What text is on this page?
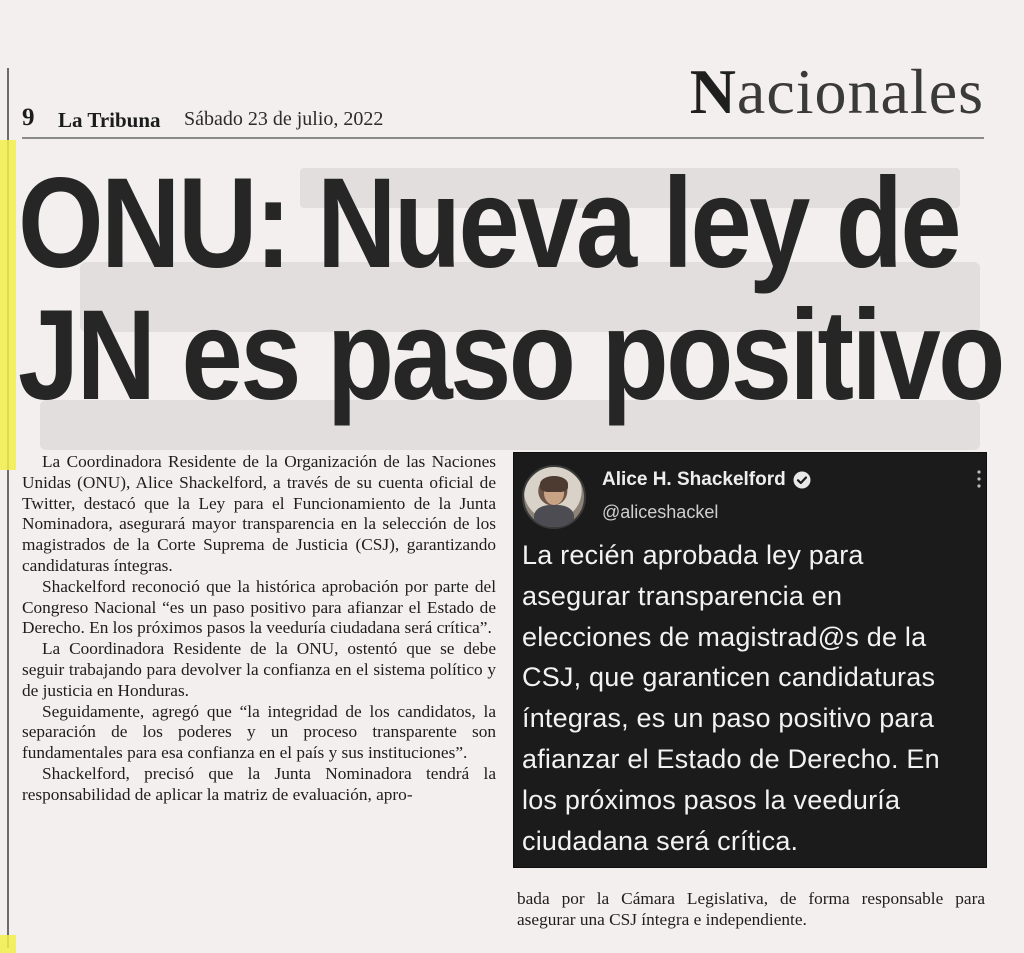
9 La Tribuna Sábado 23 de julio, 2022	Nacionales
ONU: Nueva ley de
JN es paso positivo

La Coordinadora Residente de la Organización de las Naciones Unidas (ONU), Alice Shackelford, a través de su cuenta oficial de Twitter, destacó que la Ley para el Funcionamiento de la Junta Nominadora, asegurará mayor transparencia en la selección de los magistrados de la Corte Suprema de Justicia (CSJ), garantizando candidaturas íntegras.

Shackelford reconoció que la histórica aprobación por parte del Congreso Nacional “es un paso positivo para afianzar el Estado de Derecho. En los próximos pasos la veeduría ciudadana será crítica”.

La Coordinadora Residente de la ONU, ostentó que se debe seguir trabajando para devolver la confianza en el sistema político y de justicia en Honduras.

Seguidamente, agregó que “la integridad de los candidatos, la separación de los poderes y un proceso transparente son fundamentales para esa confianza en el país y sus instituciones”.

Shackelford, precisó que la Junta Nominadora tendrá la responsabilidad de aplicar la matriz de evaluación, apro-

Alice H. Shackelford
@aliceshackel
La recién aprobada ley para
asegurar transparencia en
elecciones de magistrad@s de la
CSJ, que garanticen candidaturas
íntegras, es un paso positivo para
afianzar el Estado de Derecho. En
los próximos pasos la veeduría
ciudadana será crítica.

bada por la Cámara Legislativa, de forma responsable para asegurar una CSJ íntegra e independiente.
